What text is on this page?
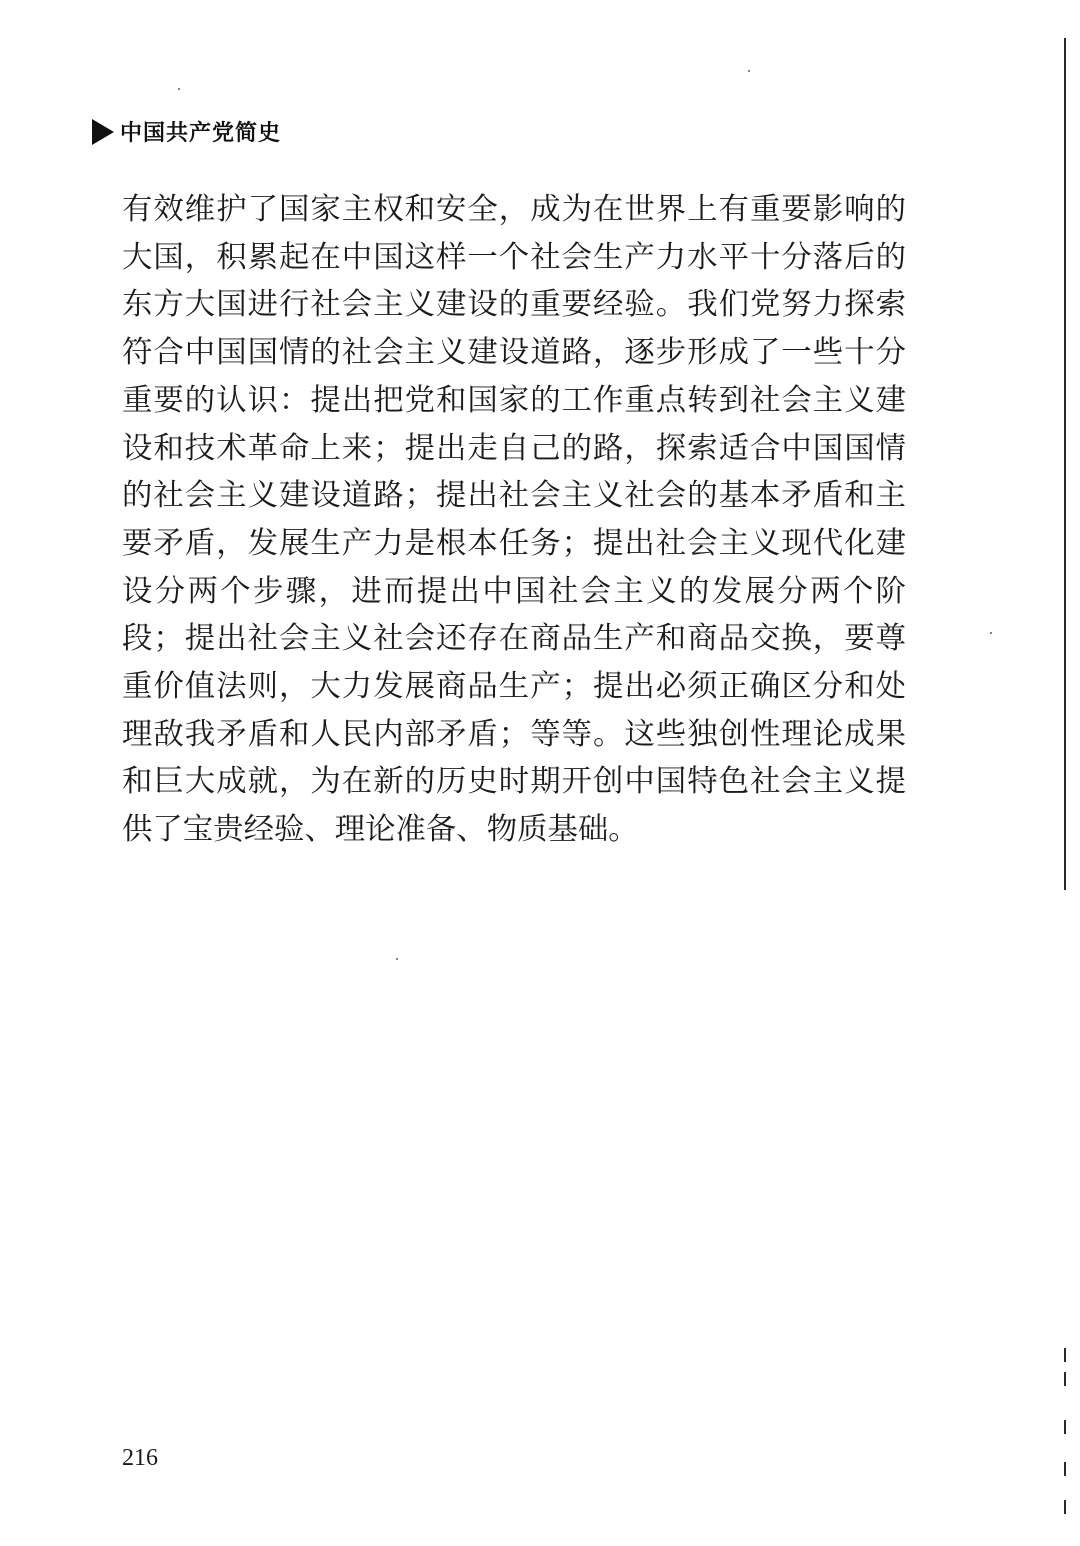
中国共产党简史

有效维护了国家主权和安全，成为在世界上有重要影响的大国，积累起在中国这样一个社会生产力水平十分落后的东方大国进行社会主义建设的重要经验。我们党努力探索符合中国国情的社会主义建设道路，逐步形成了一些十分重要的认识：提出把党和国家的工作重点转到社会主义建设和技术革命上来；提出走自己的路，探索适合中国国情的社会主义建设道路；提出社会主义社会的基本矛盾和主要矛盾，发展生产力是根本任务；提出社会主义现代化建设分两个步骤，进而提出中国社会主义的发展分两个阶段；提出社会主义社会还存在商品生产和商品交换，要尊重价值法则，大力发展商品生产；提出必须正确区分和处理敌我矛盾和人民内部矛盾；等等。这些独创性理论成果和巨大成就，为在新的历史时期开创中国特色社会主义提供了宝贵经验、理论准备、物质基础。

216
